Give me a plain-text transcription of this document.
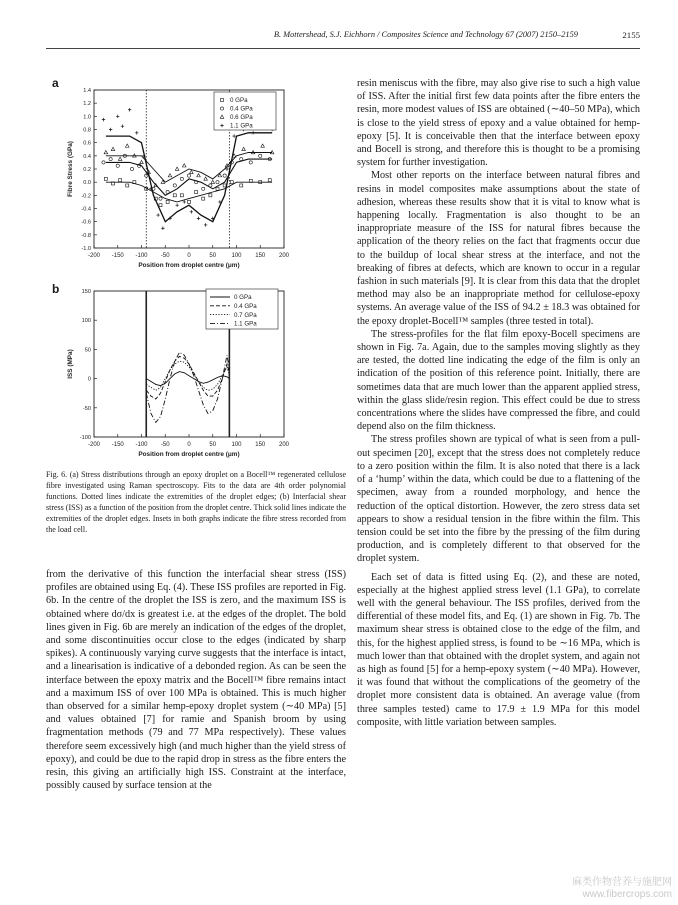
B. Mottershead, S.J. Eichhorn / Composites Science and Technology 67 (2007) 2150–2159	2155
a
-200 -150 -100 -50	0	50	100 150 200
-1.0
-0.8
-0.6
-0.4
-0.2
0.0
0.2
0.4
0.6
0.8
1.0
1.2
1.4
Position from droplet centre (μm)
Fibre Stress (GPa)
0 GPa
0.4 GPa
0.6 GPa
1.1 GPa
b
-200 -150 -100 -50	0	50	100 150 200
-100
-50
0
50
100
150
Position from droplet centre (μm)
ISS (MPa)
0 GPa
0.4 GPa
0.7 GPa
1.1 GPa
Fig. 6. (a) Stress distributions through an epoxy droplet on a Bocell™ regenerated cellulose fibre investigated using Raman spectroscopy. Fits to the data are 4th order polynomial functions. Dotted lines indicate the extremities of the droplet edges; (b) Interfacial shear stress (ISS) as a function of the position from the droplet centre. Thick solid lines indicate the extremities of the droplet edges. Insets in both graphs indicate the fibre stress recorded from the load cell.

from the derivative of this function the interfacial shear stress (ISS) profiles are obtained using Eq. (4). These ISS profiles are reported in Fig. 6b. In the centre of the droplet the ISS is zero, and the maximum ISS is obtained where dσ/dx is greatest i.e. at the edges of the droplet. The bold lines given in Fig. 6b are merely an indication of the edges of the droplet, and some discontinuities occur close to the edges (indicated by sharp spikes). A continuously varying curve suggests that the interface is intact, and a linearisation is indicative of a debonded region. As can be seen the interface between the epoxy matrix and the Bocell™ fibre remains intact and a maximum ISS of over 100 MPa is obtained. This is much higher than observed for a similar hemp-epoxy droplet system (∼40 MPa) [5] and values obtained [7] for ramie and Spanish broom by using fragmentation methods (79 and 77 MPa respectively). These values therefore seem excessively high (and much higher than the yield stress of epoxy), and could be due to the rapid drop in stress as the fibre enters the resin, this giving an artificially high ISS. Constraint at the interface, possibly caused by surface tension at the

resin meniscus with the fibre, may also give rise to such a high value of ISS. After the initial first few data points after the fibre enters the resin, more modest values of ISS are obtained (∼40–50 MPa), which is close to the yield stress of epoxy and a value obtained for hemp-epoxy [5]. It is conceivable then that the interface between epoxy and Bocell is strong, and therefore this is thought to be a promising system for further investigation.

Most other reports on the interface between natural fibres and resins in model composites make assumptions about the state of adhesion, whereas these results show that it is vital to know what is happening locally. Fragmentation is also thought to be an inappropriate measure of the ISS for natural fibres because the application of the theory relies on the fact that fragments occur due to the buildup of local shear stress at the interface, and not the breaking of fibres at defects, which are known to occur in a regular fashion in such materials [9]. It is clear from this data that the droplet method may also be an inappropriate method for cellulose-epoxy systems. An average value of the ISS of 94.2 ± 18.3 was obtained for the epoxy droplet-Bocell™ samples (three tested in total).

The stress-profiles for the flat film epoxy-Bocell specimens are shown in Fig. 7a. Again, due to the samples moving slightly as they are tested, the dotted line indicating the edge of the film is only an indication of the position of this reference point. Initially, there are sometimes data that are much lower than the apparent applied stress, within the glass slide/resin region. This effect could be due to stress concentrations where the slides have compressed the fibre, and could depend also on the film thickness.

The stress profiles shown are typical of what is seen from a pull-out specimen [20], except that the stress does not completely reduce to a zero position within the film. It is also noted that there is a lack of a ‘hump’ within the data, which could be due to a flattening of the specimen, away from a rounded morphology, and hence the reduction of the optical distortion. However, the zero stress data set appears to show a residual tension in the fibre within the film. This tension could be set into the fibre by the pressing of the film during production, and is completely different to that observed for the droplet system.

Each set of data is fitted using Eq. (2), and these are noted, especially at the highest applied stress level (1.1 GPa), to correlate well with the general behaviour. The ISS profiles, derived from the differential of these model fits, and Eq. (1) are shown in Fig. 7b. The maximum shear stress is obtained close to the edge of the film, and this, for the highest applied stress, is found to be ∼16 MPa, which is much lower than that obtained with the droplet system, and again not as high as found [5] for a hemp-epoxy system (∼40 MPa). However, it was found that without the complications of the geometry of the droplet more consistent data is obtained. An average value (from three samples tested) came to 17.9 ± 1.9 MPa for this model composite, with little variation between samples.

麻类作物营养与施肥网
www.fibercrops.com
